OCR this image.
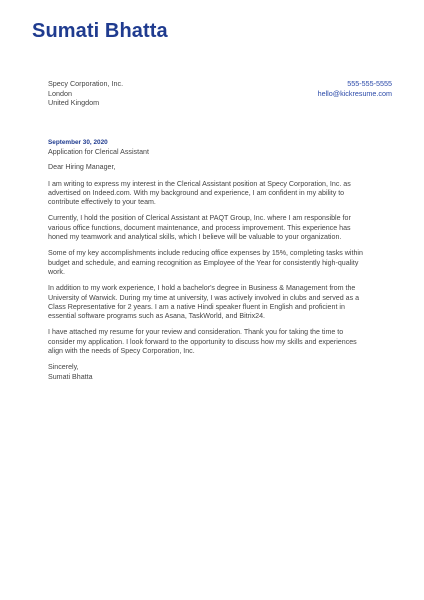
Sumati Bhatta
Specy Corporation, Inc.
London
United Kingdom
555-555-5555
hello@kickresume.com
September 30, 2020

Application for Clerical Assistant

Dear Hiring Manager,

I am writing to express my interest in the Clerical Assistant position at Specy Corporation, Inc. as
advertised on Indeed.com. With my background and experience, I am confident in my ability to
contribute effectively to your team.

Currently, I hold the position of Clerical Assistant at PAQT Group, Inc. where I am responsible for
various office functions, document maintenance, and process improvement. This experience has
honed my teamwork and analytical skills, which I believe will be valuable to your organization.

Some of my key accomplishments include reducing office expenses by 15%, completing tasks within
budget and schedule, and earning recognition as Employee of the Year for consistently high-quality
work.

In addition to my work experience, I hold a bachelor's degree in Business & Management from the
University of Warwick. During my time at university, I was actively involved in clubs and served as a
Class Representative for 2 years. I am a native Hindi speaker fluent in English and proficient in
essential software programs such as Asana, TaskWorld, and Bitrix24.

I have attached my resume for your review and consideration. Thank you for taking the time to
consider my application. I look forward to the opportunity to discuss how my skills and experiences
align with the needs of Specy Corporation, Inc.

Sincerely,
Sumati Bhatta
